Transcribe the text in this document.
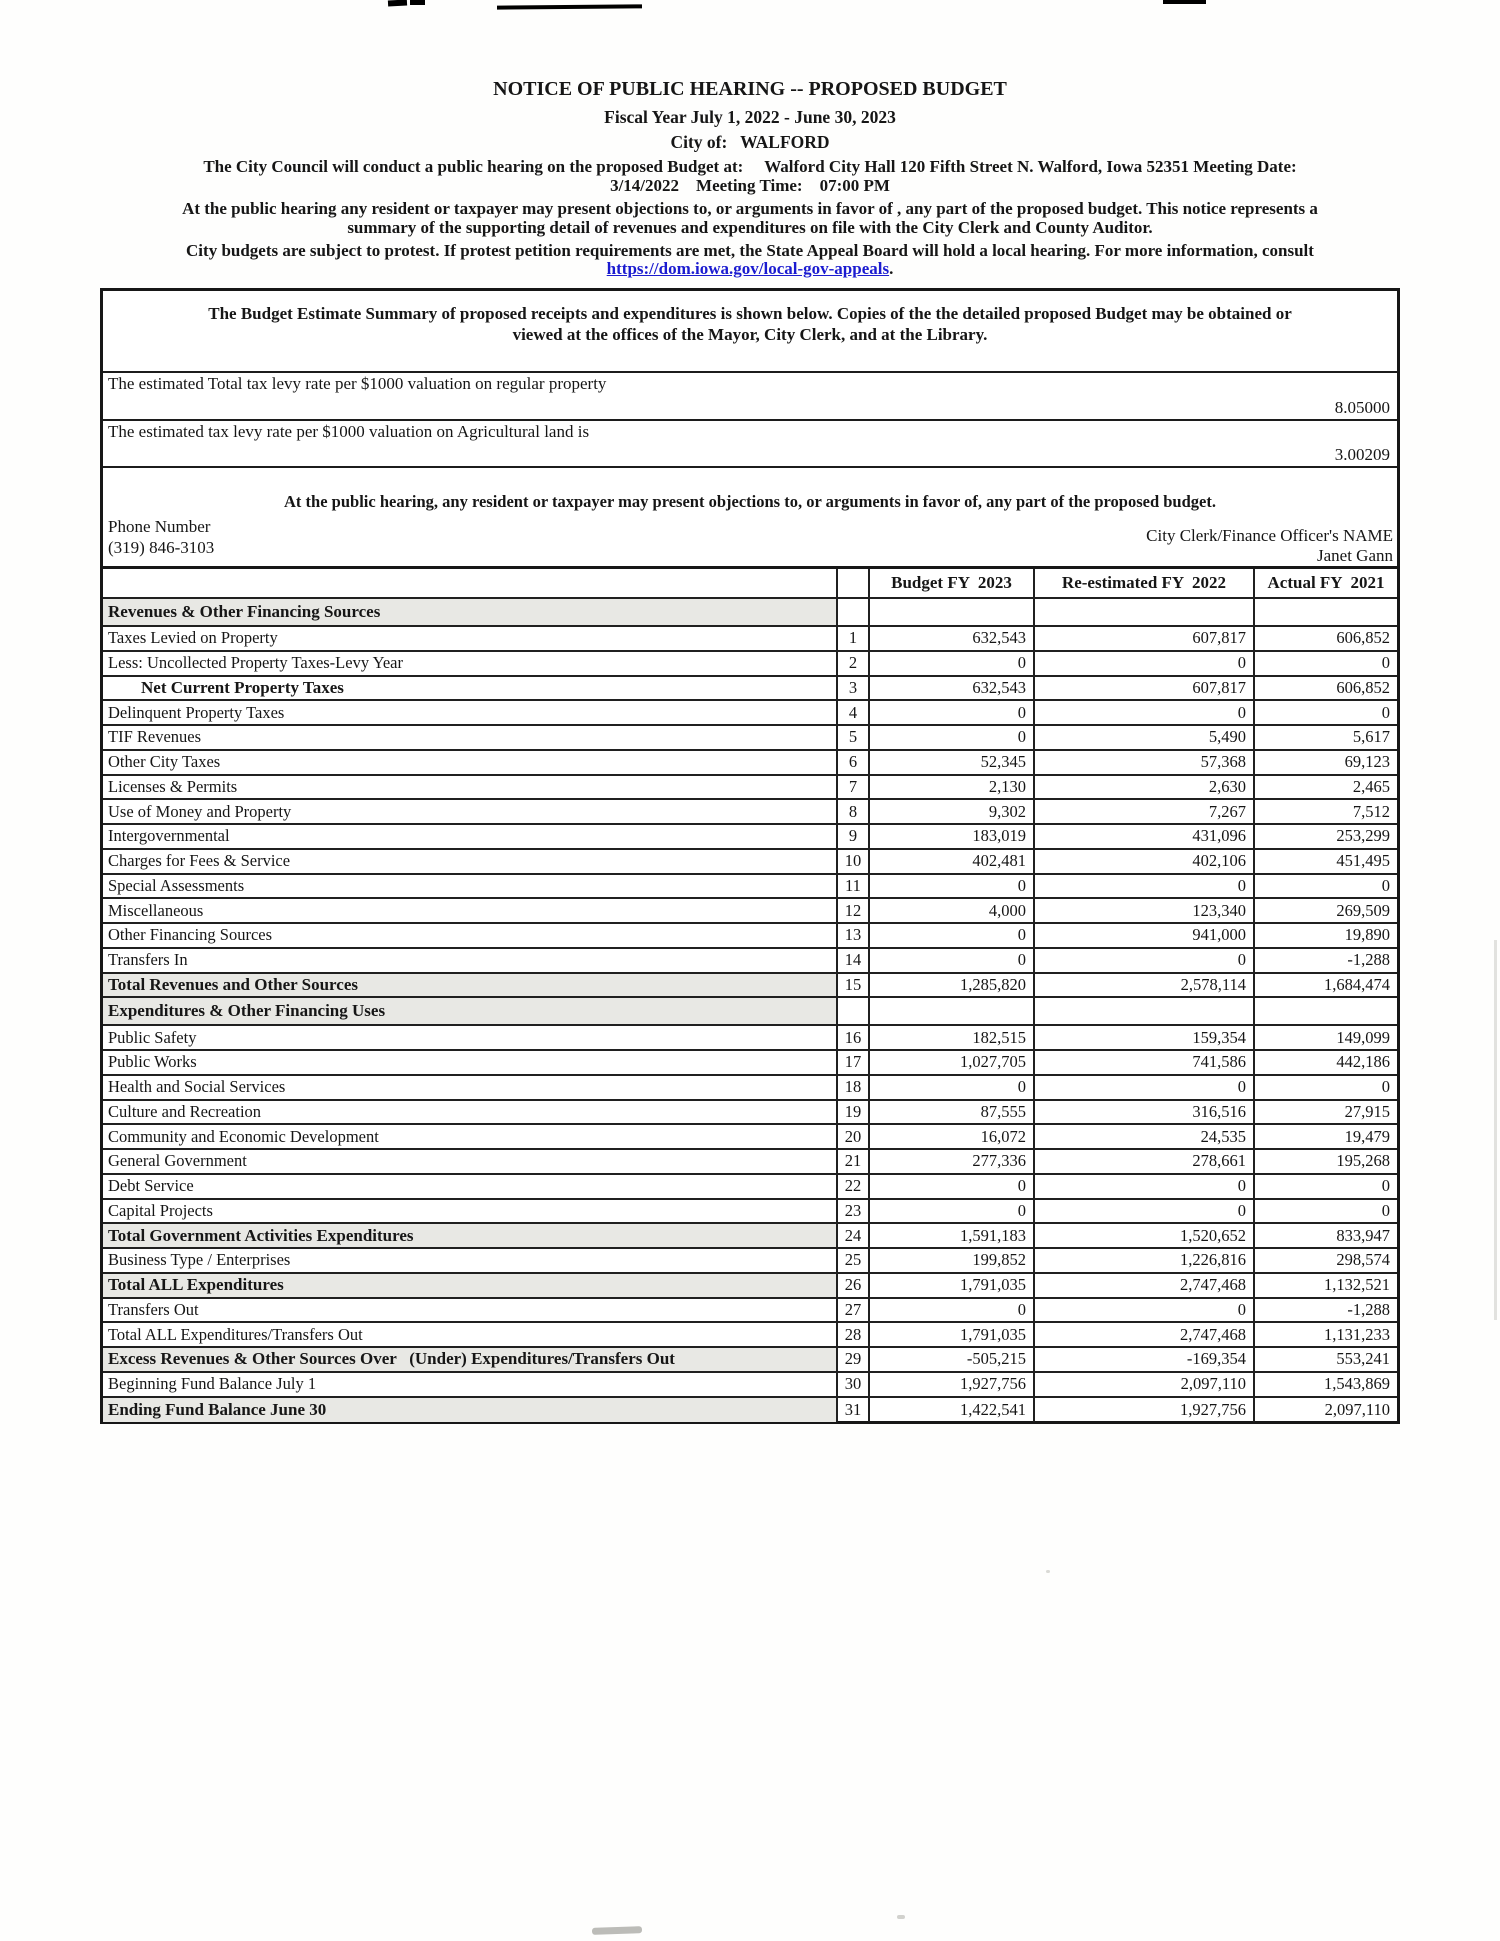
NOTICE OF PUBLIC HEARING -- PROPOSED BUDGET
Fiscal Year July 1, 2022 - June 30, 2023
City of:   WALFORD
The City Council will conduct a public hearing on the proposed Budget at:     Walford City Hall 120 Fifth Street N. Walford, Iowa 52351 Meeting Date:
3/14/2022    Meeting Time:    07:00 PM
At the public hearing any resident or taxpayer may present objections to, or arguments in favor of , any part of the proposed budget. This notice represents a
summary of the supporting detail of revenues and expenditures on file with the City Clerk and County Auditor.
City budgets are subject to protest. If protest petition requirements are met, the State Appeal Board will hold a local hearing. For more information, consult
https://dom.iowa.gov/local-gov-appeals.
The Budget Estimate Summary of proposed receipts and expenditures is shown below. Copies of the the detailed proposed Budget may be obtained or
viewed at the offices of the Mayor, City Clerk, and at the Library.
The estimated Total tax levy rate per $1000 valuation on regular property
8.05000
The estimated tax levy rate per $1000 valuation on Agricultural land is
3.00209
At the public hearing, any resident or taxpayer may present objections to, or arguments in favor of, any part of the proposed budget.
Phone Number
(319) 846-3103
City Clerk/Finance Officer's NAME
Janet Gann
Budget FY  2023	Re-estimated FY  2022	Actual FY  2021
Revenues & Other Financing Sources
Taxes Levied on Property	1	632,543	607,817	606,852
Less: Uncollected Property Taxes-Levy Year	2	0	0	0
Net Current Property Taxes	3	632,543	607,817	606,852
Delinquent Property Taxes	4	0	0	0
TIF Revenues	5	0	5,490	5,617
Other City Taxes	6	52,345	57,368	69,123
Licenses & Permits	7	2,130	2,630	2,465
Use of Money and Property	8	9,302	7,267	7,512
Intergovernmental	9	183,019	431,096	253,299
Charges for Fees & Service	10	402,481	402,106	451,495
Special Assessments	11	0	0	0
Miscellaneous	12	4,000	123,340	269,509
Other Financing Sources	13	0	941,000	19,890
Transfers In	14	0	0	-1,288
Total Revenues and Other Sources	15	1,285,820	2,578,114	1,684,474
Expenditures & Other Financing Uses
Public Safety	16	182,515	159,354	149,099
Public Works	17	1,027,705	741,586	442,186
Health and Social Services	18	0	0	0
Culture and Recreation	19	87,555	316,516	27,915
Community and Economic Development	20	16,072	24,535	19,479
General Government	21	277,336	278,661	195,268
Debt Service	22	0	0	0
Capital Projects	23	0	0	0
Total Government Activities Expenditures	24	1,591,183	1,520,652	833,947
Business Type / Enterprises	25	199,852	1,226,816	298,574
Total ALL Expenditures	26	1,791,035	2,747,468	1,132,521
Transfers Out	27	0	0	-1,288
Total ALL Expenditures/Transfers Out	28	1,791,035	2,747,468	1,131,233
Excess Revenues & Other Sources Over   (Under) Expenditures/Transfers Out	29	-505,215	-169,354	553,241
Beginning Fund Balance July 1	30	1,927,756	2,097,110	1,543,869
Ending Fund Balance June 30	31	1,422,541	1,927,756	2,097,110
